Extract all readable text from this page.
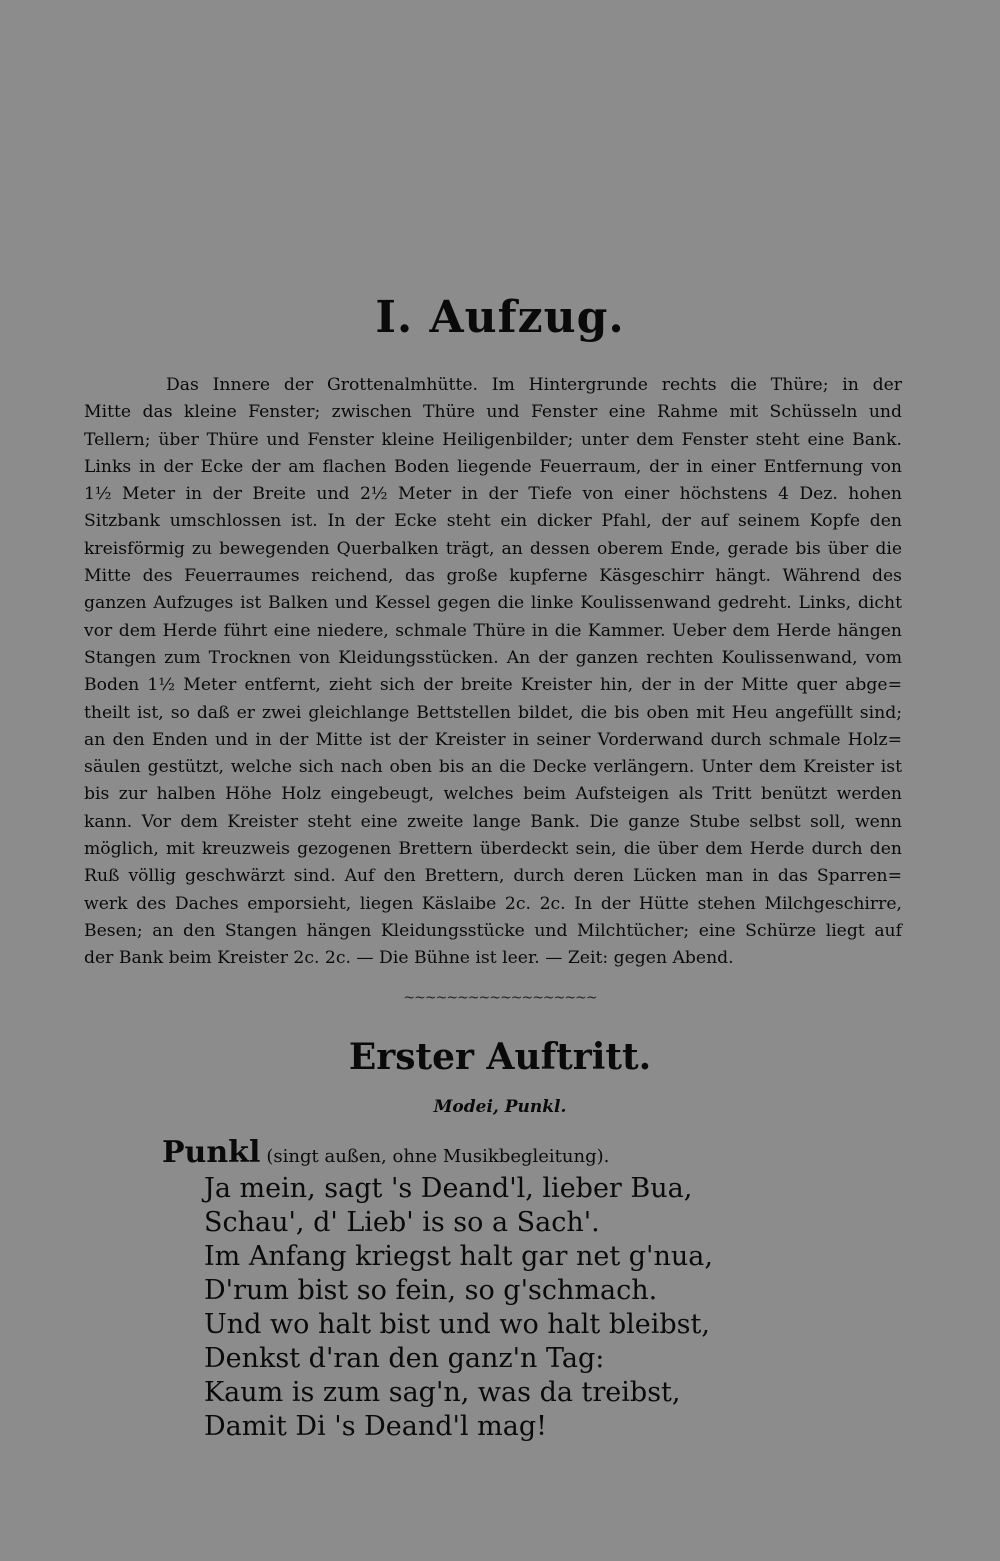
I. Aufzug.
Das Innere der Grottenalmhütte. Im Hintergrunde rechts die Thüre; in der
Mitte das kleine Fenster; zwischen Thüre und Fenster eine Rahme mit Schüsseln und
Tellern; über Thüre und Fenster kleine Heiligenbilder; unter dem Fenster steht eine Bank.
Links in der Ecke der am flachen Boden liegende Feuerraum, der in einer Entfernung von
1½ Meter in der Breite und 2½ Meter in der Tiefe von einer höchstens 4 Dez. hohen
Sitzbank umschlossen ist. In der Ecke steht ein dicker Pfahl, der auf seinem Kopfe den
kreisförmig zu bewegenden Querbalken trägt, an dessen oberem Ende, gerade bis über die
Mitte des Feuerraumes reichend, das große kupferne Käsgeschirr hängt. Während des
ganzen Aufzuges ist Balken und Kessel gegen die linke Koulissenwand gedreht. Links, dicht
vor dem Herde führt eine niedere, schmale Thüre in die Kammer. Ueber dem Herde hängen
Stangen zum Trocknen von Kleidungsstücken. An der ganzen rechten Koulissenwand, vom
Boden 1½ Meter entfernt, zieht sich der breite Kreister hin, der in der Mitte quer abge=
theilt ist, so daß er zwei gleichlange Bettstellen bildet, die bis oben mit Heu angefüllt sind;
an den Enden und in der Mitte ist der Kreister in seiner Vorderwand durch schmale Holz=
säulen gestützt, welche sich nach oben bis an die Decke verlängern. Unter dem Kreister ist
bis zur halben Höhe Holz eingebeugt, welches beim Aufsteigen als Tritt benützt werden
kann. Vor dem Kreister steht eine zweite lange Bank. Die ganze Stube selbst soll, wenn
möglich, mit kreuzweis gezogenen Brettern überdeckt sein, die über dem Herde durch den
Ruß völlig geschwärzt sind. Auf den Brettern, durch deren Lücken man in das Sparren=
werk des Daches emporsieht, liegen Käslaibe 2c. 2c. In der Hütte stehen Milchgeschirre,
Besen; an den Stangen hängen Kleidungsstücke und Milchtücher; eine Schürze liegt auf
der Bank beim Kreister 2c. 2c. — Die Bühne ist leer. — Zeit: gegen Abend.
~~~~~~~~~~~~~~~~~~
Erster Auftritt.
Modei, Punkl.
Punkl (singt außen, ohne Musikbegleitung).
Ja mein, sagt 's Deand'l, lieber Bua,
Schau', d' Lieb' is so a Sach'.
Im Anfang kriegst halt gar net g'nua,
D'rum bist so fein, so g'schmach.
Und wo halt bist und wo halt bleibst,
Denkst d'ran den ganz'n Tag:
Kaum is zum sag'n, was da treibst,
Damit Di 's Deand'l mag!
